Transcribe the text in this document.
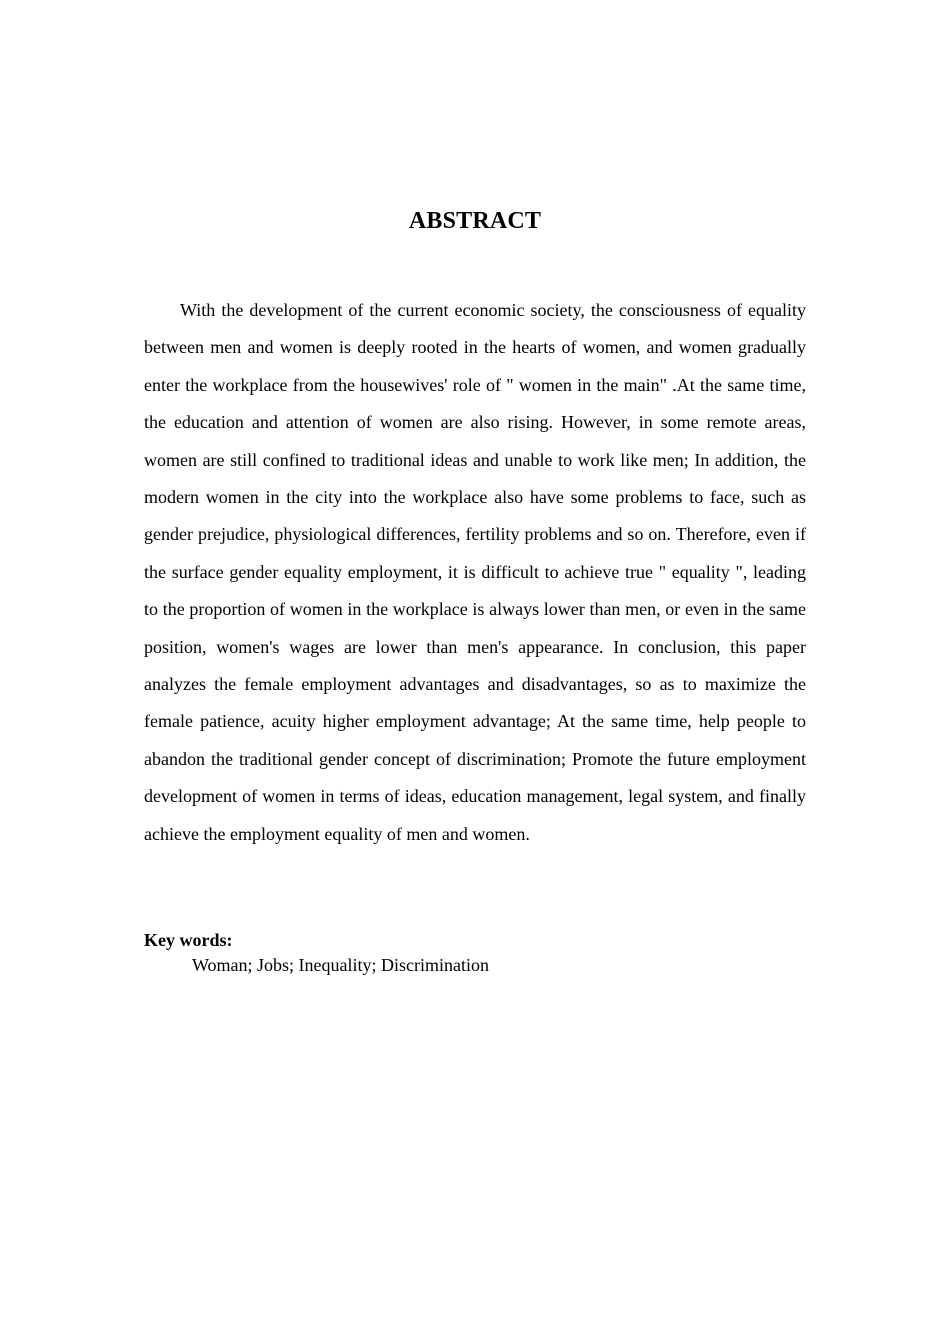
ABSTRACT

With the development of the current economic society, the consciousness of equality between men and women is deeply rooted in the hearts of women, and women gradually enter the workplace from the housewives' role of " women in the main" .At the same time, the education and attention of women are also rising. However, in some remote areas, women are still confined to traditional ideas and unable to work like men; In addition, the modern women in the city into the workplace also have some problems to face, such as gender prejudice, physiological differences, fertility problems and so on. Therefore, even if the surface gender equality employment, it is difficult to achieve true " equality ", leading to the proportion of women in the workplace is always lower than men, or even in the same position, women's wages are lower than men's appearance. In conclusion, this paper analyzes the female employment advantages and disadvantages, so as to maximize the female patience, acuity higher employment advantage; At the same time, help people to abandon the traditional gender concept of discrimination; Promote the future employment development of women in terms of ideas, education management, legal system, and finally achieve the employment equality of men and women.

Key words:

Woman; Jobs; Inequality; Discrimination
